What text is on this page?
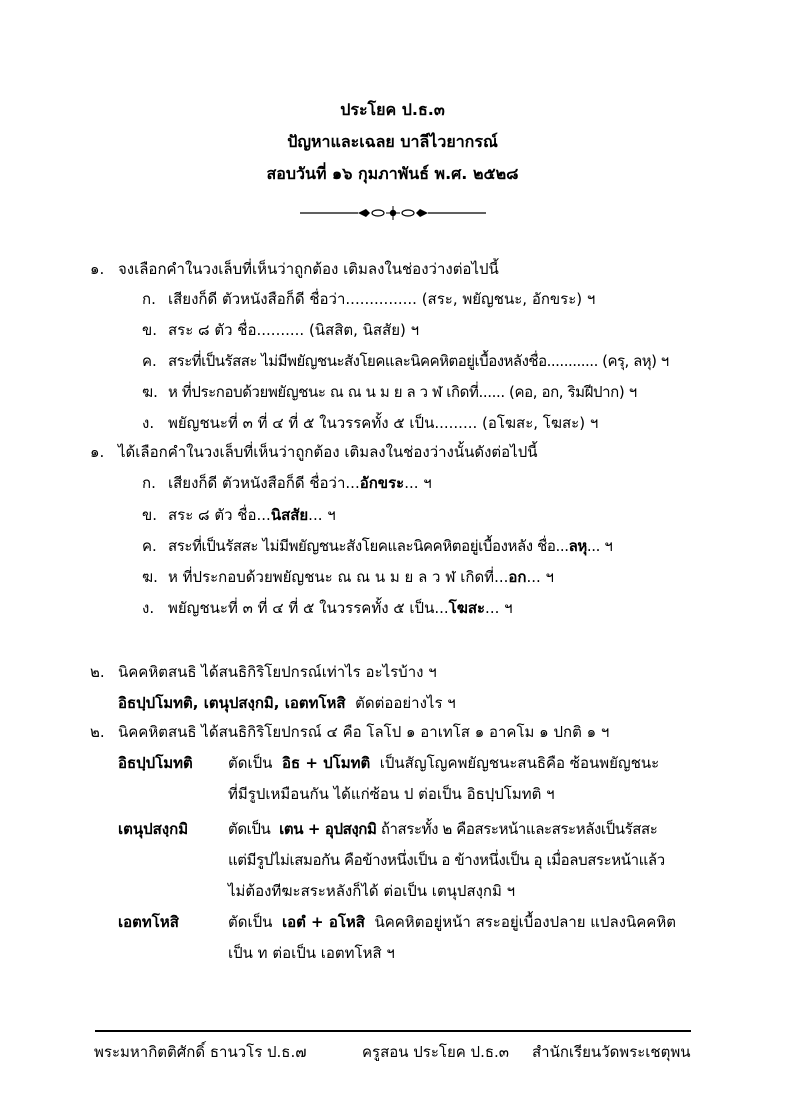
ประโยค ป.ธ.๓
ปัญหาและเฉลย บาลีไวยากรณ์
สอบวันที่ ๑๖ กุมภาพันธ์ พ.ศ. ๒๕๒๘
๑. จงเลือกคำในวงเล็บที่เห็นว่าถูกต้อง เติมลงในช่องว่างต่อไปนี้
ก. เสียงก็ดี ตัวหนังสือก็ดี ชื่อว่า............... (สระ, พยัญชนะ, อักขระ) ฯ
ข. สระ ๘ ตัว ชื่อ.......... (นิสสิต, นิสสัย) ฯ
ค. สระที่เป็นรัสสะ ไม่มีพยัญชนะสังโยคและนิคคหิตอยู่เบื้องหลังชื่อ............ (ครุ, ลหุ) ฯ
ฆ. ห ที่ประกอบด้วยพยัญชนะ ณ ณ น ม ย ล ว ฬ เกิดที่...... (คอ, อก, ริมฝีปาก) ฯ
ง. พยัญชนะที่ ๓ ที่ ๔ ที่ ๕ ในวรรคทั้ง ๕ เป็น......... (อโฆสะ, โฆสะ) ฯ
๑. ได้เลือกคำในวงเล็บที่เห็นว่าถูกต้อง เติมลงในช่องว่างนั้นดังต่อไปนี้
ก. เสียงก็ดี ตัวหนังสือก็ดี ชื่อว่า...อักขระ... ฯ
ข. สระ ๘ ตัว ชื่อ...นิสสัย... ฯ
ค. สระที่เป็นรัสสะ ไม่มีพยัญชนะสังโยคและนิคคหิตอยู่เบื้องหลัง ชื่อ...ลหุ... ฯ
ฆ. ห ที่ประกอบด้วยพยัญชนะ ณ ณ น ม ย ล ว ฬ เกิดที่...อก... ฯ
ง. พยัญชนะที่ ๓ ที่ ๔ ที่ ๕ ในวรรคทั้ง ๕ เป็น...โฆสะ... ฯ
๒. นิคคหิตสนธิ ได้สนธิกิริโยปกรณ์เท่าไร อะไรบ้าง ฯ
อิธปฺปโมทติ, เตนุปสงฺกมิ, เอตทโหสิ ตัดต่ออย่างไร ฯ
๒. นิคคหิตสนธิ ได้สนธิกิริโยปกรณ์ ๔ คือ โลโป ๑ อาเทโส ๑ อาคโม ๑ ปกติ ๑ ฯ
อิธปฺปโมทติ ตัดเป็น อิธ + ปโมทติ เป็นสัญโญคพยัญชนะสนธิคือ ซ้อนพยัญชนะ
ที่มีรูปเหมือนกัน ได้แก่ซ้อน ป ต่อเป็น อิธปฺปโมทติ ฯ
เตนุปสงฺกมิ	ตัดเป็น เตน + อุปสงฺกมิ ถ้าสระทั้ง ๒ คือสระหน้าและสระหลังเป็นรัสสะ
แต่มีรูปไม่เสมอกัน คือข้างหนึ่งเป็น อ ข้างหนึ่งเป็น อุ เมื่อลบสระหน้าแล้ว
ไม่ต้องทีฆะสระหลังก็ได้ ต่อเป็น เตนุปสงฺกมิ ฯ
เอตทโหสิ	ตัดเป็น เอตํ + อโหสิ นิคคหิตอยู่หน้า สระอยู่เบื้องปลาย แปลงนิคคหิต
เป็น ท ต่อเป็น เอตทโหสิ ฯ
พระมหากิตติศักดิ์ ธานวโร ป.ธ.๗	ครูสอน ประโยค ป.ธ.๓ สำนักเรียนวัดพระเชตุพน
